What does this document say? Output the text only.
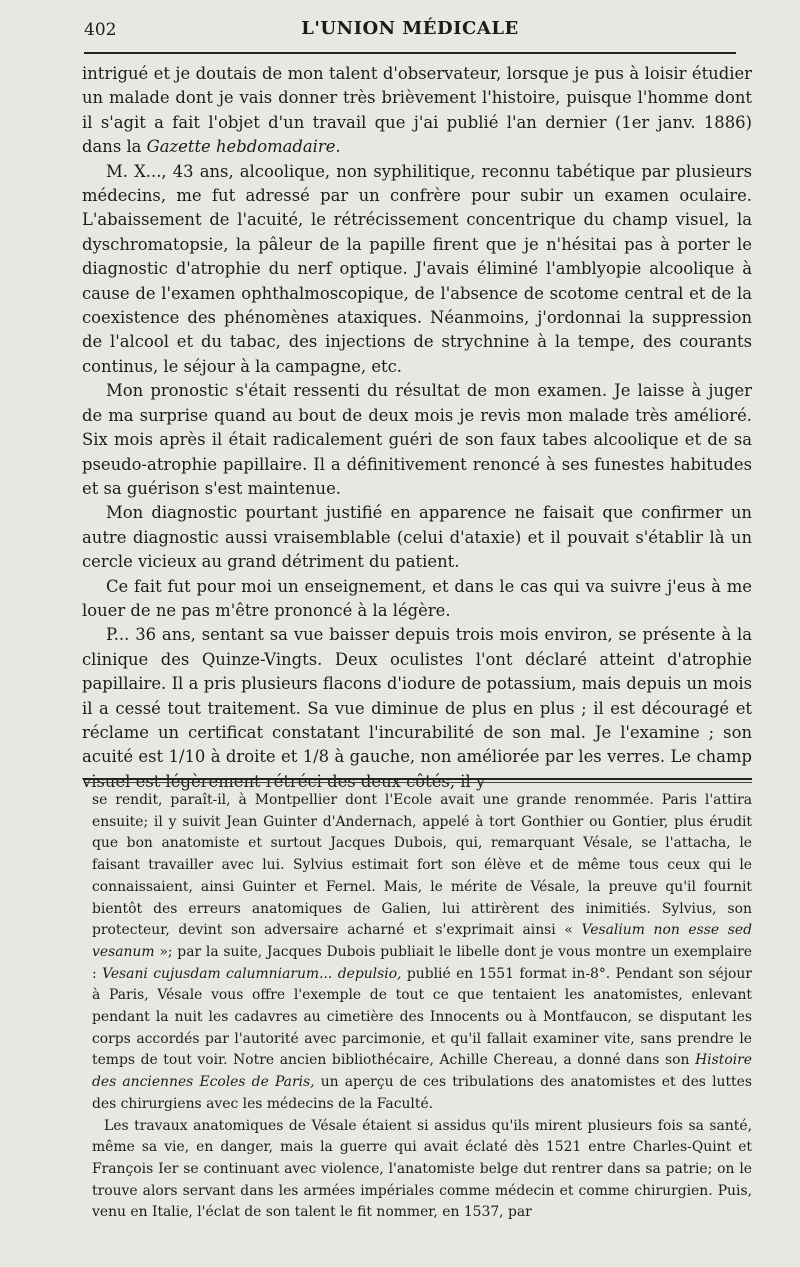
402	L'UNION MÉDICALE

intrigué et je doutais de mon talent d'observateur, lorsque je pus à loisir étudier un malade dont je vais donner très brièvement l'histoire, puisque l'homme dont il s'agit a fait l'objet d'un travail que j'ai publié l'an dernier (1er janv. 1886) dans la Gazette hebdomadaire.

M. X..., 43 ans, alcoolique, non syphilitique, reconnu tabétique par plusieurs médecins, me fut adressé par un confrère pour subir un examen oculaire. L'abaissement de l'acuité, le rétrécissement concentrique du champ visuel, la dyschromatopsie, la pâleur de la papille firent que je n'hésitai pas à porter le diagnostic d'atrophie du nerf optique. J'avais éliminé l'amblyopie alcoolique à cause de l'examen ophthalmoscopique, de l'absence de scotome central et de la coexistence des phénomènes ataxiques. Néanmoins, j'ordonnai la suppression de l'alcool et du tabac, des injections de strychnine à la tempe, des courants continus, le séjour à la campagne, etc.

Mon pronostic s'était ressenti du résultat de mon examen. Je laisse à juger de ma surprise quand au bout de deux mois je revis mon malade très amélioré. Six mois après il était radicalement guéri de son faux tabes alcoolique et de sa pseudo-atrophie papillaire. Il a définitivement renoncé à ses funestes habitudes et sa guérison s'est maintenue.

Mon diagnostic pourtant justifié en apparence ne faisait que confirmer un autre diagnostic aussi vraisemblable (celui d'ataxie) et il pouvait s'établir là un cercle vicieux au grand détriment du patient.

Ce fait fut pour moi un enseignement, et dans le cas qui va suivre j'eus à me louer de ne pas m'être prononcé à la légère.

P... 36 ans, sentant sa vue baisser depuis trois mois environ, se présente à la clinique des Quinze-Vingts. Deux oculistes l'ont déclaré atteint d'atrophie papillaire. Il a pris plusieurs flacons d'iodure de potassium, mais depuis un mois il a cessé tout traitement. Sa vue diminue de plus en plus ; il est découragé et réclame un certificat constatant l'incurabilité de son mal. Je l'examine ; son acuité est 1/10 à droite et 1/8 à gauche, non améliorée par les verres. Le champ visuel est légèrement rétréci des deux côtés, il y

se rendit, paraît-il, à Montpellier dont l'Ecole avait une grande renommée. Paris l'attira ensuite; il y suivit Jean Guinter d'Andernach, appelé à tort Gonthier ou Gontier, plus érudit que bon anatomiste et surtout Jacques Dubois, qui, remarquant Vésale, se l'attacha, le faisant travailler avec lui. Sylvius estimait fort son élève et de même tous ceux qui le connaissaient, ainsi Guinter et Fernel. Mais, le mérite de Vésale, la preuve qu'il fournit bientôt des erreurs anatomiques de Galien, lui attirèrent des inimitiés. Sylvius, son protecteur, devint son adversaire acharné et s'exprimait ainsi « Vesalium non esse sed vesanum »; par la suite, Jacques Dubois publiait le libelle dont je vous montre un exemplaire : Vesani cujusdam calumniarum... depulsio, publié en 1551 format in-8°. Pendant son séjour à Paris, Vésale vous offre l'exemple de tout ce que tentaient les anatomistes, enlevant pendant la nuit les cadavres au cimetière des Innocents ou à Montfaucon, se disputant les corps accordés par l'autorité avec parcimonie, et qu'il fallait examiner vite, sans prendre le temps de tout voir. Notre ancien bibliothécaire, Achille Chereau, a donné dans son Histoire des anciennes Ecoles de Paris, un aperçu de ces tribulations des anatomistes et des luttes des chirurgiens avec les médecins de la Faculté.

Les travaux anatomiques de Vésale étaient si assidus qu'ils mirent plusieurs fois sa santé, même sa vie, en danger, mais la guerre qui avait éclaté dès 1521 entre Charles-Quint et François Ier se continuant avec violence, l'anatomiste belge dut rentrer dans sa patrie; on le trouve alors servant dans les armées impériales comme médecin et comme chirurgien. Puis, venu en Italie, l'éclat de son talent le fit nommer, en 1537, par
